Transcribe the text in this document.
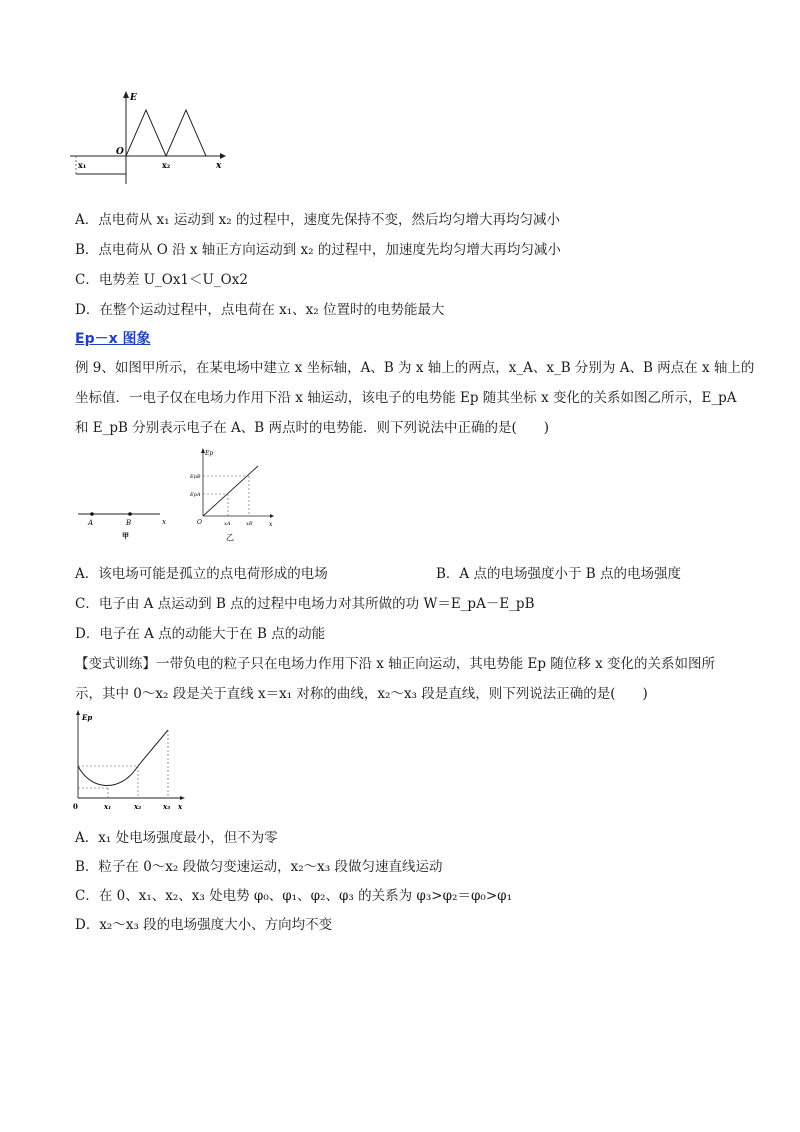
E
x
O
x₁	x₂
A．点电荷从 x₁ 运动到 x₂ 的过程中，速度先保持不变，然后均匀增大再均匀减小
B．点电荷从 O 沿 x 轴正方向运动到 x₂ 的过程中，加速度先均匀增大再均匀减小
C．电势差 U_Ox1＜U_Ox2
D．在整个运动过程中，点电荷在 x₁、x₂ 位置时的电势能最大
Ep－x 图象
例 9、如图甲所示，在某电场中建立 x 坐标轴，A、B 为 x 轴上的两点，x_A、x_B 分别为 A、B 两点在 x 轴上的
坐标值．一电子仅在电场力作用下沿 x 轴运动，该电子的电势能 Ep 随其坐标 x 变化的关系如图乙所示，E_pA
和 E_pB 分别表示电子在 A、B 两点时的电势能．则下列说法中正确的是(　　)
A	B	x
甲
Ep
x
O
EpB
EpA
xA	xB
乙
A．该电场可能是孤立的点电荷形成的电场	B．A 点的电场强度小于 B 点的电场强度
C．电子由 A 点运动到 B 点的过程中电场力对其所做的功 W＝E_pA－E_pB
D．电子在 A 点的动能大于在 B 点的动能
【变式训练】一带负电的粒子只在电场力作用下沿 x 轴正向运动，其电势能 Ep 随位移 x 变化的关系如图所
示，其中 0～x₂ 段是关于直线 x＝x₁ 对称的曲线，x₂～x₃ 段是直线，则下列说法正确的是(　　)
Ep
x
0	x₁	x₂	x₃
A．x₁ 处电场强度最小，但不为零
B．粒子在 0～x₂ 段做匀变速运动，x₂～x₃ 段做匀速直线运动
C．在 0、x₁、x₂、x₃ 处电势 φ₀、φ₁、φ₂、φ₃ 的关系为 φ₃>φ₂＝φ₀>φ₁
D．x₂～x₃ 段的电场强度大小、方向均不变
